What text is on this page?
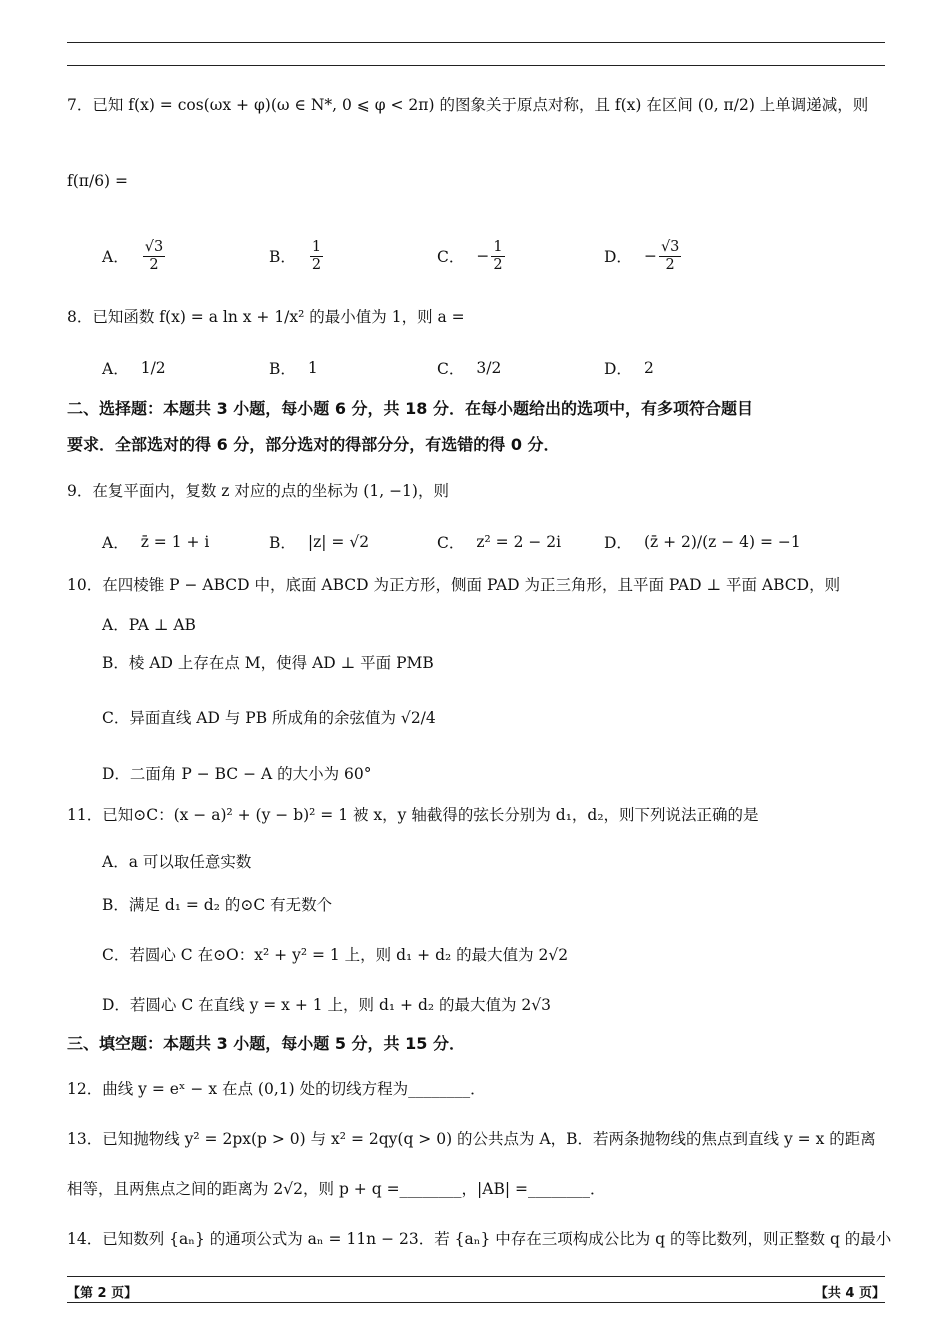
7．已知 f(x) = cos(ωx + φ)(ω ∈ N*, 0 ⩽ φ < 2π) 的图象关于原点对称，且 f(x) 在区间 (0, π/2) 上单调递减，则
f(π/6) =
A． $\frac{√3}{2}$	B． $\frac{1}{2}$	C． − $\frac{1}{2}$	D． − $\frac{√3}{2}$
8．已知函数 f(x) = a ln x + 1/x² 的最小值为 1，则 a =
A． 1/2	B． 1	C． 3/2	D． 2
二、选择题：本题共 3 小题，每小题 6 分，共 18 分．在每小题给出的选项中，有多项符合题目
要求．全部选对的得 6 分，部分选对的得部分分，有选错的得 0 分．
9．在复平面内，复数 z 对应的点的坐标为 (1, −1)，则
A． z̄ = 1 + i	B． |z| = √2	C． z² = 2 − 2i	D． (z̄ + 2)/(z − 4) = −1
10．在四棱锥 P − ABCD 中，底面 ABCD 为正方形，侧面 PAD 为正三角形，且平面 PAD ⊥ 平面 ABCD，则
A．PA ⊥ AB
B．棱 AD 上存在点 M，使得 AD ⊥ 平面 PMB
C．异面直线 AD 与 PB 所成角的余弦值为 √2/4
D．二面角 P − BC − A 的大小为 60°
11．已知⊙C：(x − a)² + (y − b)² = 1 被 x，y 轴截得的弦长分别为 d₁，d₂，则下列说法正确的是
A．a 可以取任意实数
B．满足 d₁ = d₂ 的⊙C 有无数个
C．若圆心 C 在⊙O：x² + y² = 1 上，则 d₁ + d₂ 的最大值为 2√2
D．若圆心 C 在直线 y = x + 1 上，则 d₁ + d₂ 的最大值为 2√3
三、填空题：本题共 3 小题，每小题 5 分，共 15 分．
12．曲线 y = eˣ − x 在点 (0,1) 处的切线方程为________．
13．已知抛物线 y² = 2px(p > 0) 与 x² = 2qy(q > 0) 的公共点为 A，B．若两条抛物线的焦点到直线 y = x 的距离
相等，且两焦点之间的距离为 2√2，则 p + q =________，|AB| =________．
14．已知数列 {aₙ} 的通项公式为 aₙ = 11n − 23．若 {aₙ} 中存在三项构成公比为 q 的等比数列，则正整数 q 的最小
【第 2 页】	【共 4 页】
